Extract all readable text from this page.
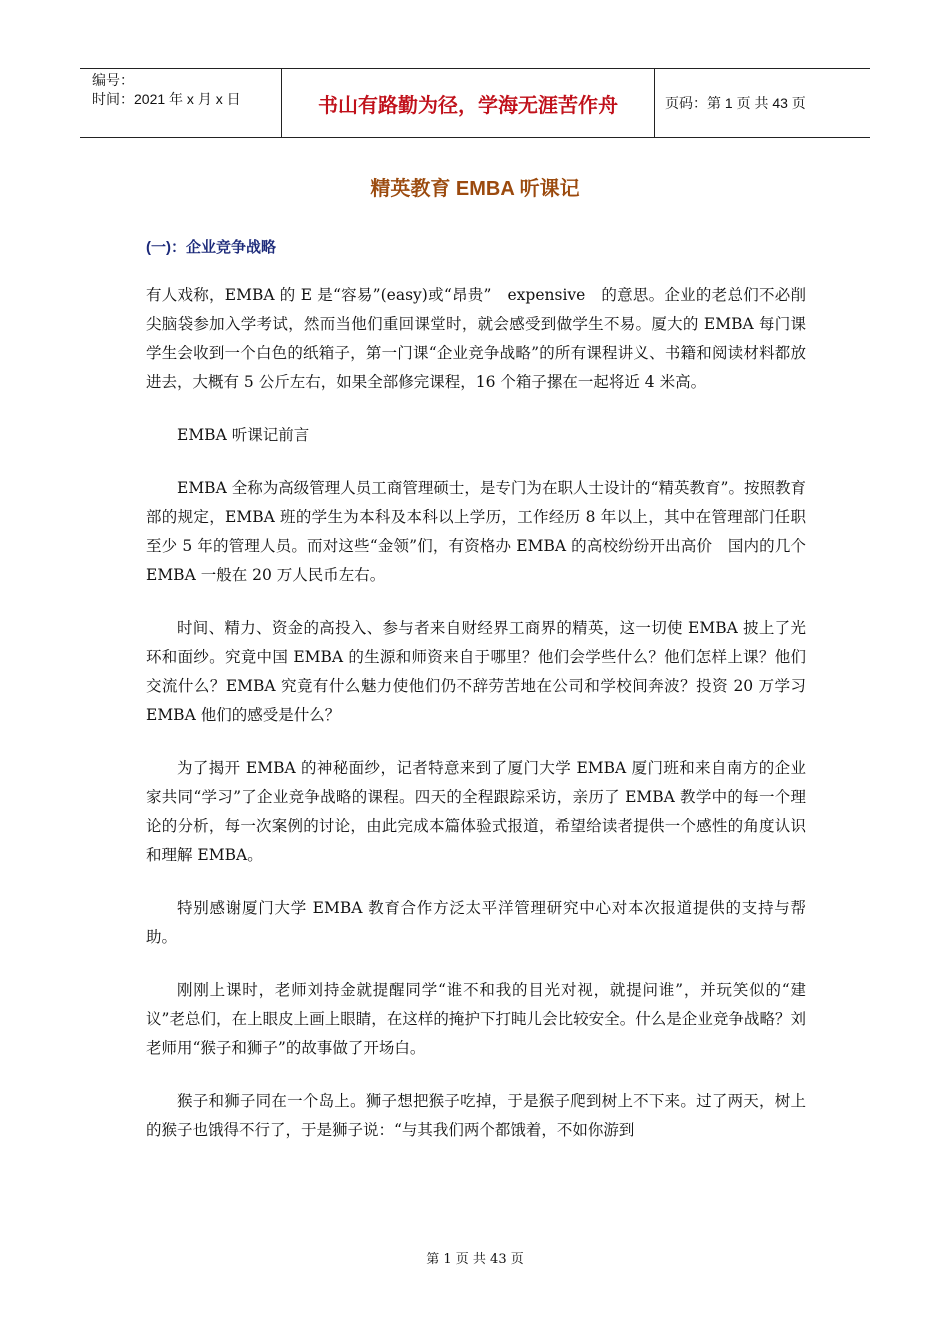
编号：
时间：2021 年 x 月 x 日	书山有路勤为径，学海无涯苦作舟	页码：第 1 页 共 43 页
精英教育 EMBA 听课记
(一)：企业竞争战略

有人戏称，EMBA 的 E 是“容易”(easy)或“昂贵”　expensive　的意思。企业的老总们不必削尖脑袋参加入学考试，然而当他们重回课堂时，就会感受到做学生不易。厦大的 EMBA 每门课学生会收到一个白色的纸箱子，第一门课“企业竞争战略”的所有课程讲义、书籍和阅读材料都放进去，大概有 5 公斤左右，如果全部修完课程，16 个箱子摞在一起将近 4 米高。

EMBA 听课记前言

EMBA 全称为高级管理人员工商管理硕士，是专门为在职人士设计的“精英教育”。按照教育部的规定，EMBA 班的学生为本科及本科以上学历，工作经历 8 年以上，其中在管理部门任职至少 5 年的管理人员。而对这些“金领”们，有资格办 EMBA 的高校纷纷开出高价　国内的几个 EMBA 一般在 20 万人民币左右。

时间、精力、资金的高投入、参与者来自财经界工商界的精英，这一切使 EMBA 披上了光环和面纱。究竟中国 EMBA 的生源和师资来自于哪里？他们会学些什么？他们怎样上课？他们交流什么？EMBA 究竟有什么魅力使他们仍不辞劳苦地在公司和学校间奔波？投资 20 万学习 EMBA 他们的感受是什么？

为了揭开 EMBA 的神秘面纱，记者特意来到了厦门大学 EMBA 厦门班和来自南方的企业家共同“学习”了企业竞争战略的课程。四天的全程跟踪采访，亲历了 EMBA 教学中的每一个理论的分析，每一次案例的讨论，由此完成本篇体验式报道，希望给读者提供一个感性的角度认识和理解 EMBA。

特别感谢厦门大学 EMBA 教育合作方泛太平洋管理研究中心对本次报道提供的支持与帮助。

刚刚上课时，老师刘持金就提醒同学“谁不和我的目光对视，就提问谁”，并玩笑似的“建议”老总们，在上眼皮上画上眼睛，在这样的掩护下打盹儿会比较安全。什么是企业竞争战略？刘老师用“猴子和狮子”的故事做了开场白。

猴子和狮子同在一个岛上。狮子想把猴子吃掉，于是猴子爬到树上不下来。过了两天，树上的猴子也饿得不行了，于是狮子说：“与其我们两个都饿着，不如你游到

第 1 页 共 43 页
